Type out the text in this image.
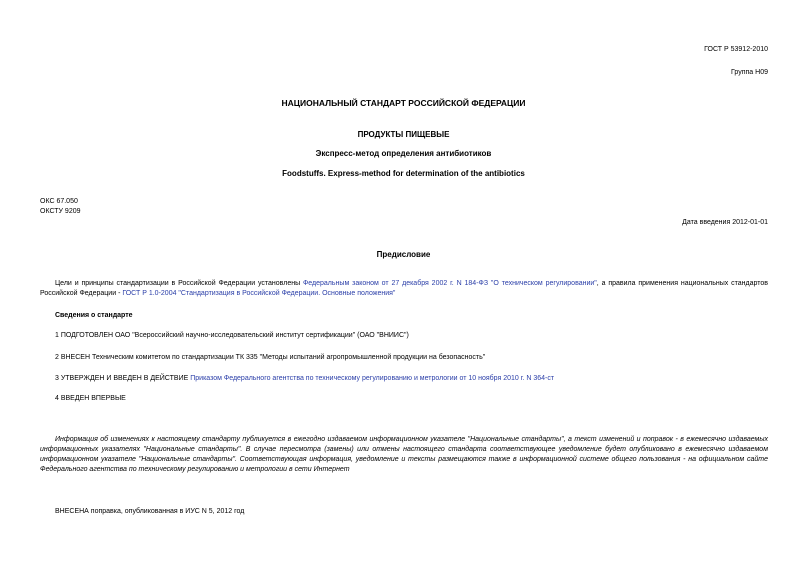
ГОСТ Р 53912-2010
Группа Н09
НАЦИОНАЛЬНЫЙ СТАНДАРТ РОССИЙСКОЙ ФЕДЕРАЦИИ
ПРОДУКТЫ ПИЩЕВЫЕ
Экспресс-метод определения антибиотиков
Foodstuffs. Express-method for determination of the antibiotics
ОКС 67.050
ОКСТУ 9209
Дата введения 2012-01-01
Предисловие
Цели и принципы стандартизации в Российской Федерации установлены Федеральным законом от 27 декабря 2002 г. N 184-ФЗ "О техническом регулировании", а правила применения национальных стандартов Российской Федерации - ГОСТ Р 1.0-2004 "Стандартизация в Российской Федерации. Основные положения"
Сведения о стандарте
1 ПОДГОТОВЛЕН ОАО "Всероссийский научно-исследовательский институт сертификации" (ОАО "ВНИИС")
2 ВНЕСЕН Техническим комитетом по стандартизации ТК 335 "Методы испытаний агропромышленной продукции на безопасность"
3 УТВЕРЖДЕН И ВВЕДЕН В ДЕЙСТВИЕ Приказом Федерального агентства по техническому регулированию и метрологии от 10 ноября 2010 г. N 364-ст
4 ВВЕДЕН ВПЕРВЫЕ
Информация об изменениях к настоящему стандарту публикуется в ежегодно издаваемом информационном указателе "Национальные стандарты", а текст изменений и поправок - в ежемесячно издаваемых информационных указателях "Национальные стандарты". В случае пересмотра (замены) или отмены настоящего стандарта соответствующее уведомление будет опубликовано в ежемесячно издаваемом информационном указателе "Национальные стандарты". Соответствующая информация, уведомление и тексты размещаются также в информационной системе общего пользования - на официальном сайте Федерального агентства по техническому регулированию и метрологии в сети Интернет
ВНЕСЕНА поправка, опубликованная в ИУС N 5, 2012 год
